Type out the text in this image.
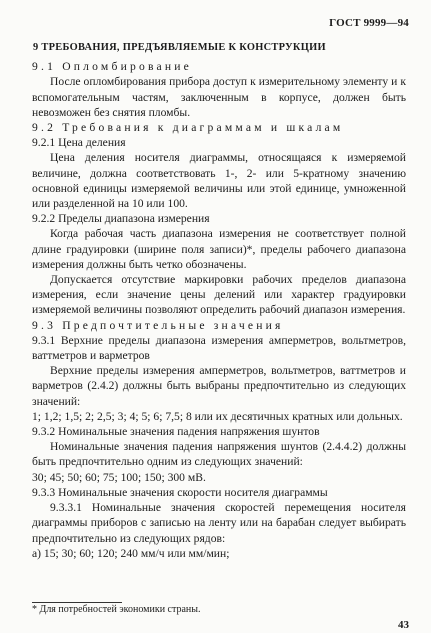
ГОСТ 9999—94

9 ТРЕБОВАНИЯ, ПРЕДЪЯВЛЯЕМЫЕ К КОНСТРУКЦИИ

9.1 Опломбирование

После опломбирования прибора доступ к измерительному элементу и к вспомогательным частям, заключенным в корпусе, должен быть невозможен без снятия пломбы.

9.2 Требования к диаграммам и шкалам

9.2.1 Цена деления

Цена деления носителя диаграммы, относящаяся к измеряемой величине, должна соответствовать 1-, 2- или 5-кратному значению основной единицы измеряемой величины или этой единице, умноженной или разделенной на 10 или 100.

9.2.2 Пределы диапазона измерения

Когда рабочая часть диапазона измерения не соответствует полной длине градуировки (ширине поля записи)*, пределы рабочего диапазона измерения должны быть четко обозначены.

Допускается отсутствие маркировки рабочих пределов диапазона измерения, если значение цены делений или характер градуировки измеряемой величины позволяют определить рабочий диапазон измерения.

9.3 Предпочтительные значения

9.3.1 Верхние пределы диапазона измерения амперметров, вольтметров, ваттметров и варметров

Верхние пределы измерения амперметров, вольтметров, ваттметров и варметров (2.4.2) должны быть выбраны предпочтительно из следующих значений:

1; 1,2; 1,5; 2; 2,5; 3; 4; 5; 6; 7,5; 8 или их десятичных кратных или дольных.

9.3.2 Номинальные значения падения напряжения шунтов

Номинальные значения падения напряжения шунтов (2.4.4.2) должны быть предпочтительно одним из следующих значений:

30; 45; 50; 60; 75; 100; 150; 300 мВ.

9.3.3 Номинальные значения скорости носителя диаграммы

9.3.3.1 Номинальные значения скоростей перемещения носителя диаграммы приборов с записью на ленту или на барабан следует выбирать предпочтительно из следующих рядов:

а) 15; 30; 60; 120; 240 мм/ч или мм/мин;

* Для потребностей экономики страны.
43
